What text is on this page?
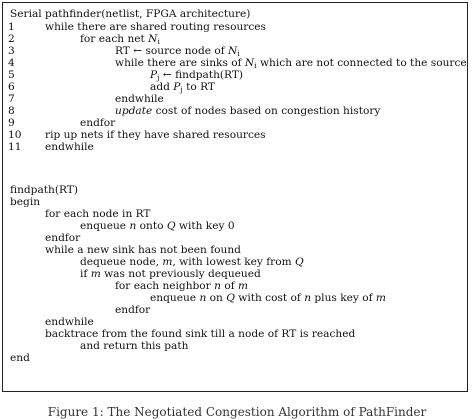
Serial pathfinder(netlist, FPGA architecture)
1	while there are shared routing resources
2	for each net $N_i$
3	RT ← source node of $N_i$
4	while there are sinks of $N_i$ which are not connected to the source
5	$P_j$ ← findpath(RT)
6	add $P_j$ to RT
7	endwhile
8	update cost of nodes based on congestion history
9	endfor
10 rip up nets if they have shared resources
11 endwhile
findpath(RT)
begin
for each node in RT
enqueue n onto Q with key 0
endfor
while a new sink has not been found
dequeue node, m, with lowest key from Q
if m was not previously dequeued
for each neighbor n of m
enqueue n on Q with cost of n plus key of m
endfor
endwhile
backtrace from the found sink till a node of RT is reached
and return this path
end
Figure 1: The Negotiated Congestion Algorithm of PathFinder
